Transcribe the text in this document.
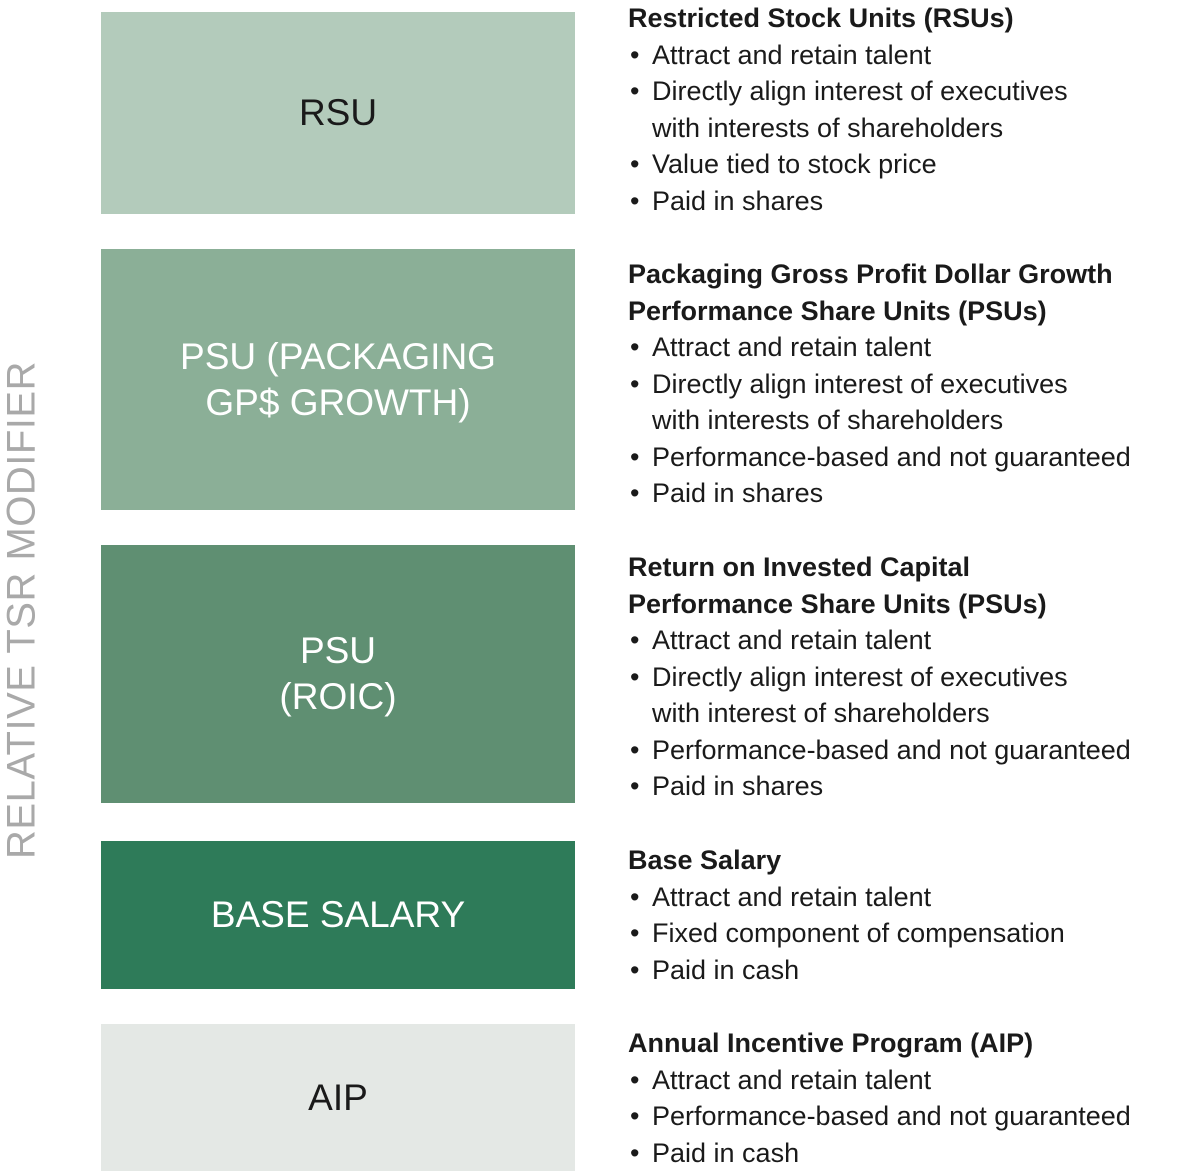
RELATIVE TSR MODIFIER
RSU
Restricted Stock Units (RSUs)
• Attract and retain talent
• Directly align interest of executives
with interests of shareholders
• Value tied to stock price
• Paid in shares
PSU (PACKAGING
GP$ GROWTH)
Packaging Gross Profit Dollar Growth
Performance Share Units (PSUs)
• Attract and retain talent
• Directly align interest of executives
with interests of shareholders
• Performance-based and not guaranteed
• Paid in shares
PSU
(ROIC)
Return on Invested Capital
Performance Share Units (PSUs)
• Attract and retain talent
• Directly align interest of executives
with interest of shareholders
• Performance-based and not guaranteed
• Paid in shares
BASE SALARY
Base Salary
• Attract and retain talent
• Fixed component of compensation
• Paid in cash
AIP
Annual Incentive Program (AIP)
• Attract and retain talent
• Performance-based and not guaranteed
• Paid in cash
